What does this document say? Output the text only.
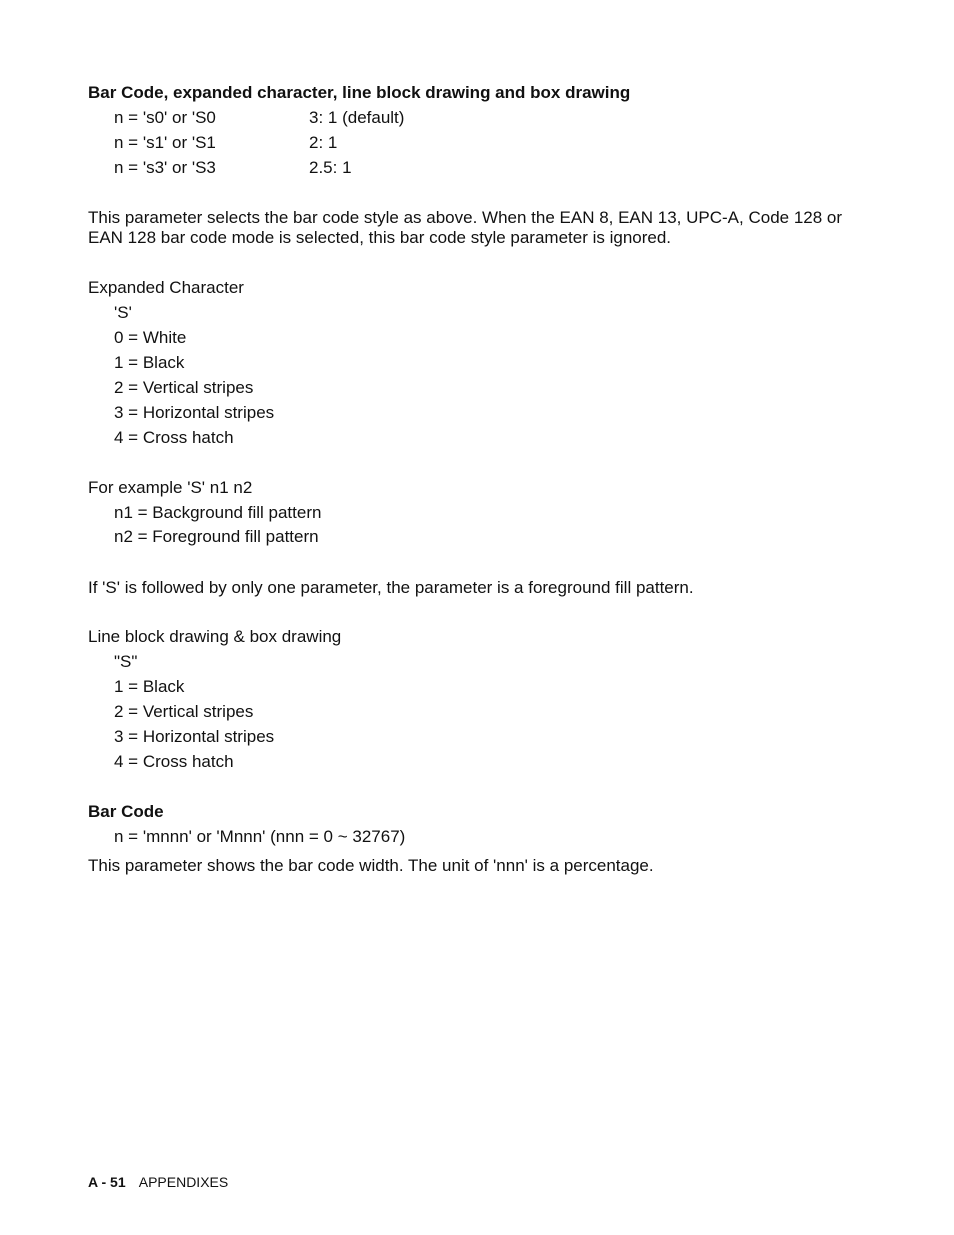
Bar Code, expanded character, line block drawing and box drawing
n = 's0' or 'S0	3: 1 (default)
n = 's1' or 'S1	2: 1
n = 's3' or 'S3	2.5: 1
This parameter selects the bar code style as above. When the EAN 8, EAN 13, UPC-A, Code 128 or EAN 128 bar code mode is selected, this bar code style parameter is ignored.
Expanded Character
'S'
0 = White
1 = Black
2 = Vertical stripes
3 = Horizontal stripes
4 = Cross hatch
For example 'S' n1 n2
n1 = Background fill pattern
n2 = Foreground fill pattern
If 'S' is followed by only one parameter, the parameter is a foreground fill pattern.
Line block drawing & box drawing
"S"
1 = Black
2 = Vertical stripes
3 = Horizontal stripes
4 = Cross hatch
Bar Code
n = 'mnnn' or 'Mnnn' (nnn = 0 ~ 32767)
This parameter shows the bar code width. The unit of 'nnn' is a percentage.
A - 51 APPENDIXES
